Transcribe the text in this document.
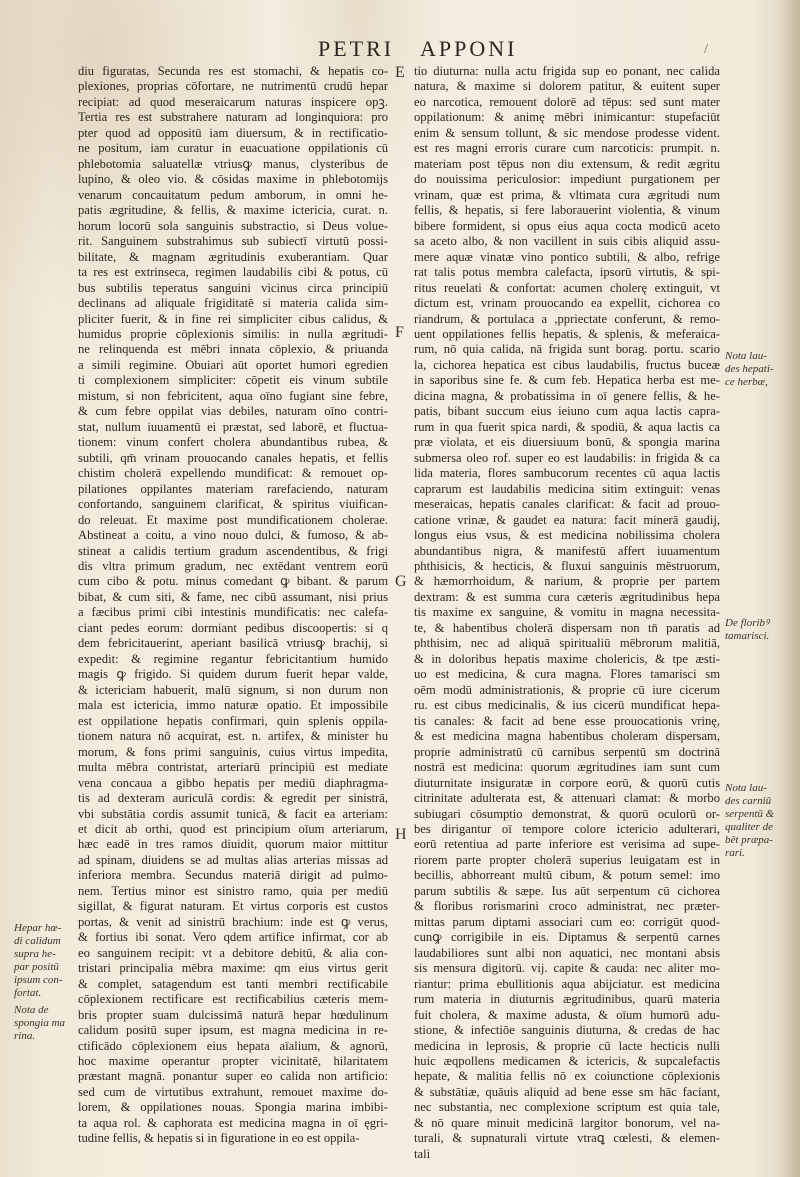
PETRI APPONI	/
diu figuratas, Secunda res est stomachi, & hepatis co-
plexiones, proprias cōfortare, ne nutrimentū crudū hepar
recipiat: ad quod meseraicarum naturas inspicere opꝫ.
Tertia res est substrahere naturam ad longinquiora: pro
pter quod ad oppositū iam diuersum, & in rectificatio-
ne positum, iam curatur in euacuatione oppilationis cū
phlebotomia saluatellæ vtriusꝙ manus, clysteribus de
lupino, & oleo vio. & cōsidas maxime in phlebotomijs
venarum concauitatum pedum amborum, in omni he-
patis ægritudine, & fellis, & maxime ictericia, curat. n.
horum locorū sola sanguinis substractio, si Deus volue-
rit. Sanguinem substrahimus sub subiectī virtutū possi-
bilitate, & magnam ægritudinis exuberantiam. Quar
ta res est extrinseca, regimen laudabilis cibi & potus, cū
bus subtilis teperatus sanguini vicinus circa principiū
declinans ad aliquale frigiditatē si materia calida sim-
pliciter fuerit, & in fine rei simpliciter cibus calidus, &
humidus proprie cōplexionis similis: in nulla ægritudi-
ne relinquenda est mēbri innata cōplexio, & priuanda
a simili regimine. Obuiari aūt oportet humori egredien
ti complexionem simpliciter: cōpetit eis vinum subtile
mistum, si non febricitent, aqua oīno fugiant sine febre,
& cum febre oppilat vias debiles, naturam oīno contri-
stat, nullum iuuamentū ei præstat, sed laborē, et fluctua-
tionem: vinum confert cholera abundantibus rubea, &
subtili, qm̄ vrinam prouocando canales hepatis, et fellis
chistim cholerā expellendo mundificat: & remouet op-
pilationes oppilantes materiam rarefaciendo, naturam
confortando, sanguinem clarificat, & spiritus viuifican-
do releuat. Et maxime post mundificationem cholerae.
Abstineat a coitu, a vino nouo dulci, & fumoso, & ab-
stineat a calidis tertium gradum ascendentibus, & frigi
dis vltra primum gradum, nec extēdant ventrem eorū
cum cibo & potu. minus comedant ꝙ bibant. & parum
bibat, & cum siti, & fame, nec cibū assumant, nisi prius
a fæcibus primi cibi intestinis mundificatis: nec calefa-
ciant pedes eorum: dormiant pedibus discoopertis: si q
dem febricitauerint, aperiant basilicā vtriusꝙ brachij, si
expedit: & regimine regantur febricitantium humido
magis ꝙ frigido. Si quidem durum fuerit hepar valde,
& ictericiam habuerit, malū signum, si non durum non
mala est ictericia, immo naturæ opatio. Et impossibile
est oppilatione hepatis confirmari, quin splenis oppila-
tionem natura nō acquirat, est. n. artifex, & minister hu
morum, & fons primi sanguinis, cuius virtus impedita,
multa mēbra contristat, arteriarū principiū est mediate
vena concaua a gibbo hepatis per mediū diaphragma-
tis ad dexteram auriculā cordis: & egredit per sinistrā,
vbi substātia cordis assumit tunicā, & facit ea arteriam:
et dicit ab orthi, quod est principium oīum arteriarum,
hæc eadē in tres ramos diuidit, quorum maior mittitur
ad spinam, diuidens se ad multas alias arterias missas ad
inferiora membra. Secundus materiā dirigit ad pulmo-
nem. Tertius minor est sinistro ramo, quia per mediū
sigillat, & figurat naturam. Et virtus corporis est custos
portas, & venit ad sinistrū brachium: inde est ꝙ verus,
& fortius ibi sonat. Vero qdem artifice infirmat, cor ab
eo sanguinem recipit: vt a debitore debitū, & alia con-
tristari principalia mēbra maxime: qm eius virtus gerit
& complet, satagendum est tanti membri rectificabile
cōplexionem rectificare est rectificabilius cæteris mem-
bris propter suam dulcissimā naturā hepar hœdulinum
calidum positū super ipsum, est magna medicina in re-
ctificādo cōplexionem eius hepata aīalium, & agnorū,
hoc maxime operantur propter vicinitatē, hilaritatem
præstant magnā. ponantur super eo calida non artificio:
sed cum de virtutibus extrahunt, remouet maxime do-
lorem, & oppilationes nouas. Spongia marina imbibi-
ta aqua rol. & caphorata est medicina magna in oī ęgri-
tudine fellis, & hepatis si in figuratione in eo est oppila-
tio diuturna: nulla actu frigida sup eo ponant, nec calida
natura, & maxime si dolorem patitur, & euitent super
eo narcotica, remouent dolorē ad tēpus: sed sunt mater
oppilationum: & animę mēbri inimicantur: stupefaciūt
enim & sensum tollunt, & sic mendose prodesse vident.
est res magni erroris curare cum narcoticis: prumpit. n.
materiam post tēpus non diu extensum, & redit ægritu
do nouissima periculosior: impediunt purgationem per
vrinam, quæ est prima, & vltimata cura ægritudi num
fellis, & hepatis, si fere laborauerint violentia, & vinum
bibere formident, si opus eius aqua cocta modicū aceto
sa aceto albo, & non vacillent in suis cibis aliquid assu-
mere aquæ vinatæ vino pontico subtili, & albo, refrige
rat talis potus membra calefacta, ipsorū virtutis, & spi-
ritus reuelati & confortat: acumen cholerę extinguit, vt
dictum est, vrinam prouocando ea expellit, cichorea co
riandrum, & portulaca a ,ppriectate conferunt, & remo-
uent oppilationes fellis hepatis, & splenis, & meferaica-
rum, nō quia calida, nā frigida sunt borag. portu. scario
la, cichorea hepatica est cibus laudabilis, fructus buceæ
in saporibus sine fe. & cum feb. Hepatica herba est me-
dicina magna, & probatissima in oī genere fellis, & he-
patis, bibant succum eius ieiuno cum aqua lactis capra-
rum in qua fuerit spica nardi, & spodiū, & aqua lactis ca
præ violata, et eis diuersiuum bonū, & spongia marina
submersa oleo rof. super eo est laudabilis: in frigida & ca
lida materia, flores sambucorum recentes cū aqua lactis
caprarum est laudabilis medicina sitim extinguit: venas
meseraicas, hepatis canales clarificat: & facit ad prouo-
catione vrinæ, & gaudet ea natura: facit minerā gaudij,
longus eius vsus, & est medicina nobilissima cholera
abundantibus nigra, & manifestū affert iuuamentum
phthisicis, & hecticis, & fluxui sanguinis mēstruorum,
& hæmorrhoidum, & narium, & proprie per partem
dextram: & est summa cura cæteris ægritudinibus hepa
tis maxime ex sanguine, & vomitu in magna necessita-
te, & habentibus cholerā dispersam non tn̄ paratis ad
phthisim, nec ad aliquā spiritualiū mēbrorum malitiā,
& in doloribus hepatis maxime cholericis, & tpe æsti-
uo est medicina, & cura magna. Flores tamarisci sm
oēm modū administrationis, & proprie cū iure cicerum
ru. est cibus medicinalis, & ius cicerū mundificat hepa-
tis canales: & facit ad bene esse prouocationis vrinę,
& est medicina magna habentibus choleram dispersam,
proprie administratū cū carnibus serpentū sm doctrinā
nostrā est medicina: quorum ægritudines iam sunt cum
diuturnitate insiguratæ in corpore eorū, & quorū cutis
citrinitate adulterata est, & attenuari clamat: & morbo
subiugari cōsumptio demonstrat, & quorū oculorū or-
bes dirigantur oī tempore colore ictericio adulterari,
eorū retentiua ad parte inferiore est verisima ad supe-
riorem parte propter cholerā superius leuigatam est in
becillis, abhorreant multū cibum, & potum semel: imo
parum subtilis & sæpe. Ius aūt serpentum cū cichorea
& floribus rorismarini croco administrat, nec præter-
mittas parum diptami associari cum eo: corrigūt quod-
cunꝙ corrigibile in eis. Diptamus & serpentū carnes
laudabiliores sunt albi non aquatici, nec montani absis
sis mensura digitorū. vij. capite & cauda: nec aliter mo-
riantur: prima ebullitionis aqua abijciatur. est medicina
rum materia in diuturnis ægritudinibus, quarū materia
fuit cholera, & maxime adusta, & oīum humorū adu-
stione, & infectiōe sanguinis diuturna, & credas de hac
medicina in leprosis, & proprie cū lacte hecticis nulli
huic æqpollens medicamen & ictericis, & supcalefactis
hepate, & malitia fellis nō ex coiunctione cōplexionis
& substātiæ, quāuis aliquid ad bene esse sm hāc faciant,
nec substantia, nec complexione scriptum est quia tale,
& nō quare minuit medicinā largitor bonorum, vel na-
turali, & supnaturali virtute vtraꝗ cœlesti, & elemen-
tali
E
F
G
H
Hepar hœ-
di calidum
supra he-
par positū
ipsum con-
fortat.
Nota de
spongia ma
rina.
Nota lau-
des hepati-
ce herbæ,
De floribꝰ
tamarisci.
Nota lau-
des carniū
serpentū &
qualiter de
bēt præpa-
rari.
